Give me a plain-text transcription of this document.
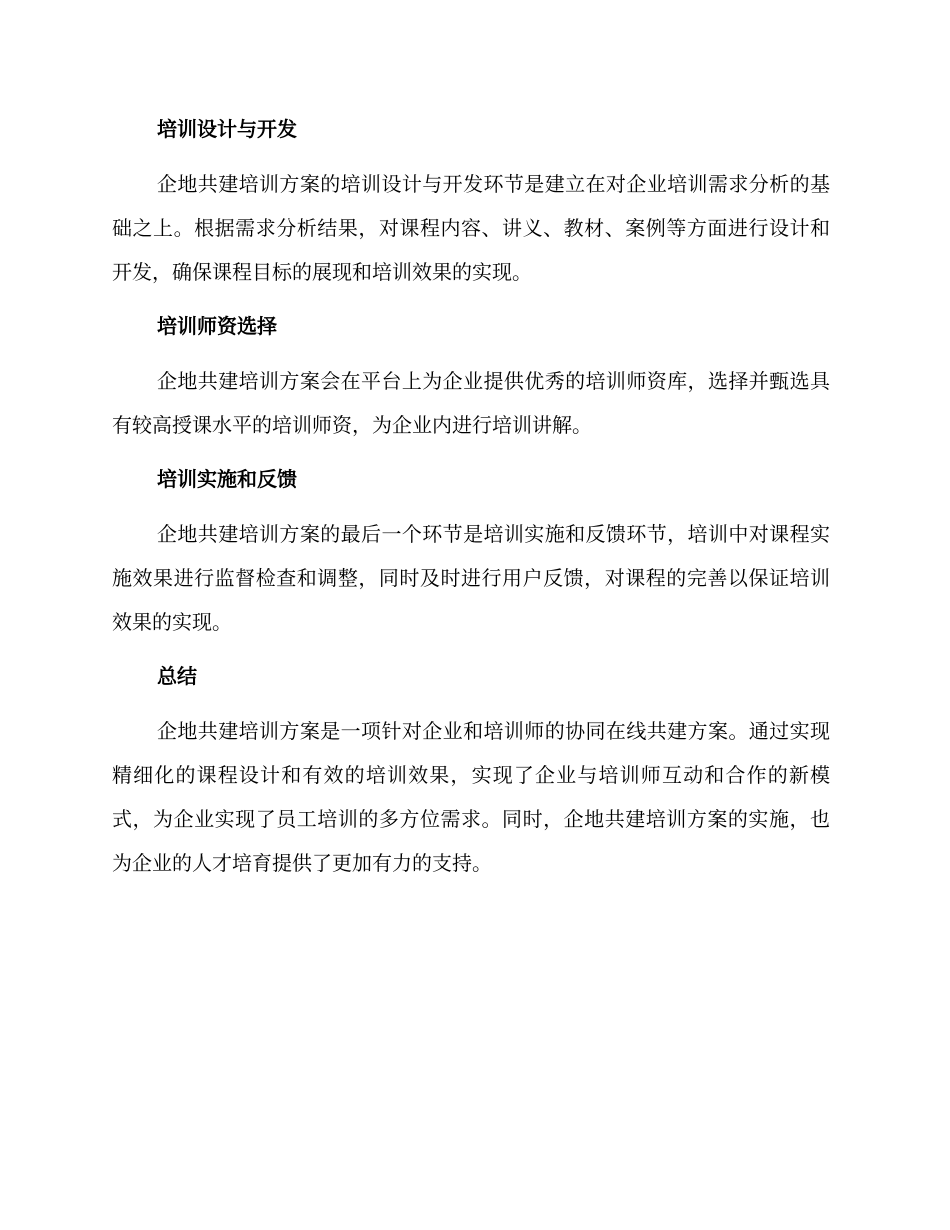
培训设计与开发

企地共建培训方案的培训设计与开发环节是建立在对企业培训需求分析的基础之上。根据需求分析结果，对课程内容、讲义、教材、案例等方面进行设计和开发，确保课程目标的展现和培训效果的实现。

培训师资选择

企地共建培训方案会在平台上为企业提供优秀的培训师资库，选择并甄选具有较高授课水平的培训师资，为企业内进行培训讲解。

培训实施和反馈

企地共建培训方案的最后一个环节是培训实施和反馈环节，培训中对课程实施效果进行监督检查和调整，同时及时进行用户反馈，对课程的完善以保证培训效果的实现。

总结

企地共建培训方案是一项针对企业和培训师的协同在线共建方案。通过实现精细化的课程设计和有效的培训效果，实现了企业与培训师互动和合作的新模式，为企业实现了员工培训的多方位需求。同时，企地共建培训方案的实施，也为企业的人才培育提供了更加有力的支持。
